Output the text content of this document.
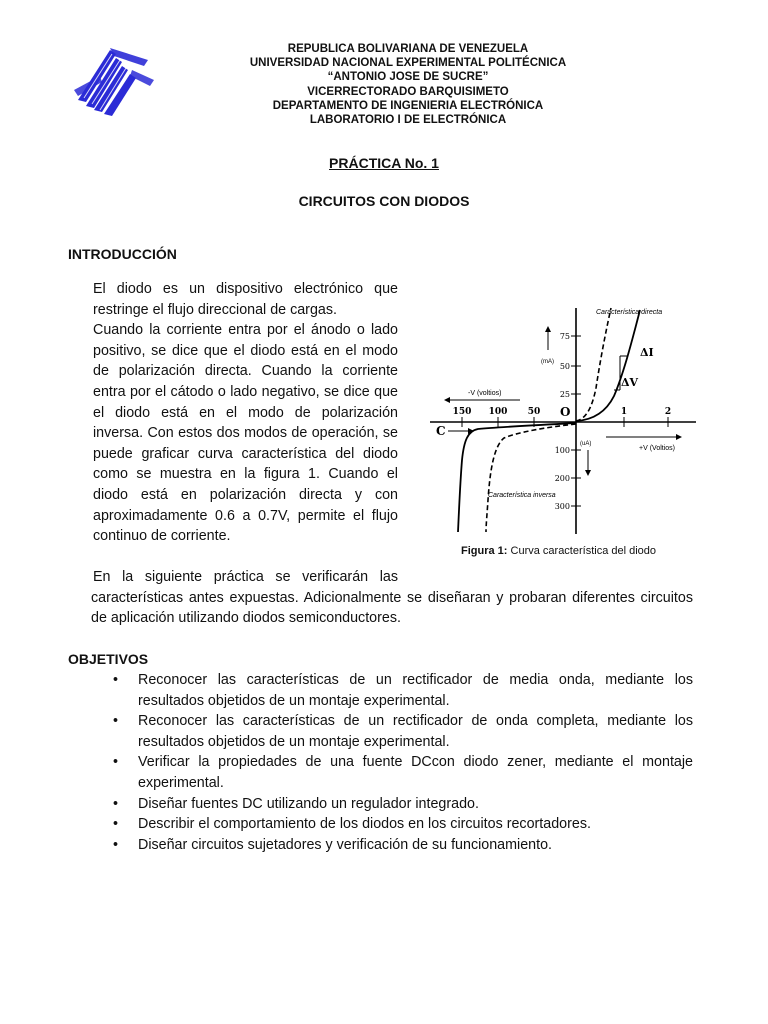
REPUBLICA BOLIVARIANA DE VENEZUELA
UNIVERSIDAD NACIONAL EXPERIMENTAL POLITÉCNICA
“ANTONIO JOSE DE SUCRE”
VICERRECTORADO BARQUISIMETO
DEPARTAMENTO DE INGENIERIA ELECTRÓNICA
LABORATORIO I DE ELECTRÓNICA
PRÁCTICA No. 1
CIRCUITOS CON DIODOS
INTRODUCCIÓN

El diodo es un dispositivo electrónico que restringe el flujo direccional de cargas.

Cuando la corriente entra por el ánodo o lado positivo, se dice que el diodo está en el modo de polarización directa. Cuando la corriente entra por el cátodo o lado negativo, se dice que el diodo está en el modo de polarización inversa. Con estos dos modos de operación, se puede graficar curva característica del diodo como se muestra en la figura 1. Cuando el diodo está en polarización directa y con aproximadamente 0.6 a 0.7V, permite el flujo continuo de corriente.

En la siguiente práctica se verificarán las
características antes expuestas. Adicionalmente se diseñaran y probaran diferentes circuitos de aplicación utilizando diodos semiconductores.

75
50
25
100
200
300
150 100 50	1	2
O
C
-V (voltios)
+V (Voltios)
(mA)
(uA)
ΔI
ΔV
Característica directa
Característica inversa
Figura 1: Curva característica del diodo
OBJETIVOS
• Reconocer las características de un rectificador de media onda, mediante los resultados objetidos de un montaje experimental.
• Reconocer las características de un rectificador de onda completa, mediante los resultados objetidos de un montaje experimental.
• Verificar la propiedades de una fuente DCcon diodo zener, mediante el montaje experimental.
• Diseñar fuentes DC utilizando un regulador integrado.
• Describir el comportamiento de los diodos en los circuitos recortadores.
• Diseñar circuitos sujetadores y verificación de su funcionamiento.
